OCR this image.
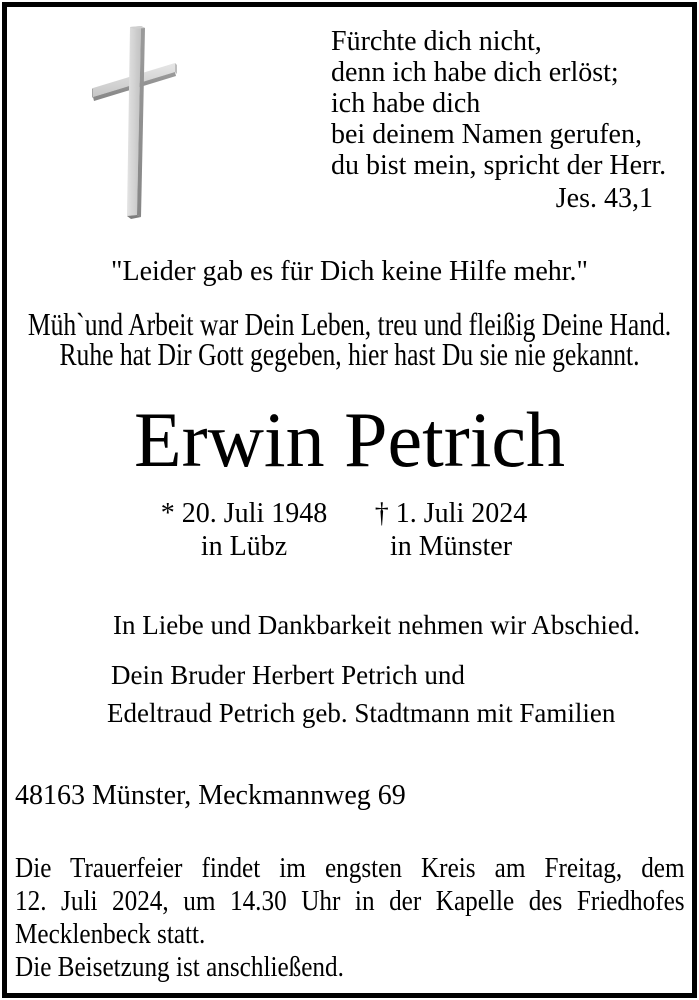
Fürchte dich nicht,
denn ich habe dich erlöst;
ich habe dich
bei deinem Namen gerufen,
du bist mein, spricht der Herr.
Jes. 43,1
"Leider gab es für Dich keine Hilfe mehr."
Müh`und Arbeit war Dein Leben, treu und fleißig Deine Hand.
Ruhe hat Dir Gott gegeben, hier hast Du sie nie gekannt.
Erwin Petrich
* 20. Juli 1948
in Lübz
† 1. Juli 2024
in Münster
In Liebe und Dankbarkeit nehmen wir Abschied.
Dein Bruder Herbert Petrich und
Edeltraud Petrich geb. Stadtmann mit Familien
48163 Münster, Meckmannweg 69
Die Trauerfeier findet im engsten Kreis am Freitag, dem
12. Juli 2024, um 14.30 Uhr in der Kapelle des Friedhofes
Mecklenbeck statt.
Die Beisetzung ist anschließend.
